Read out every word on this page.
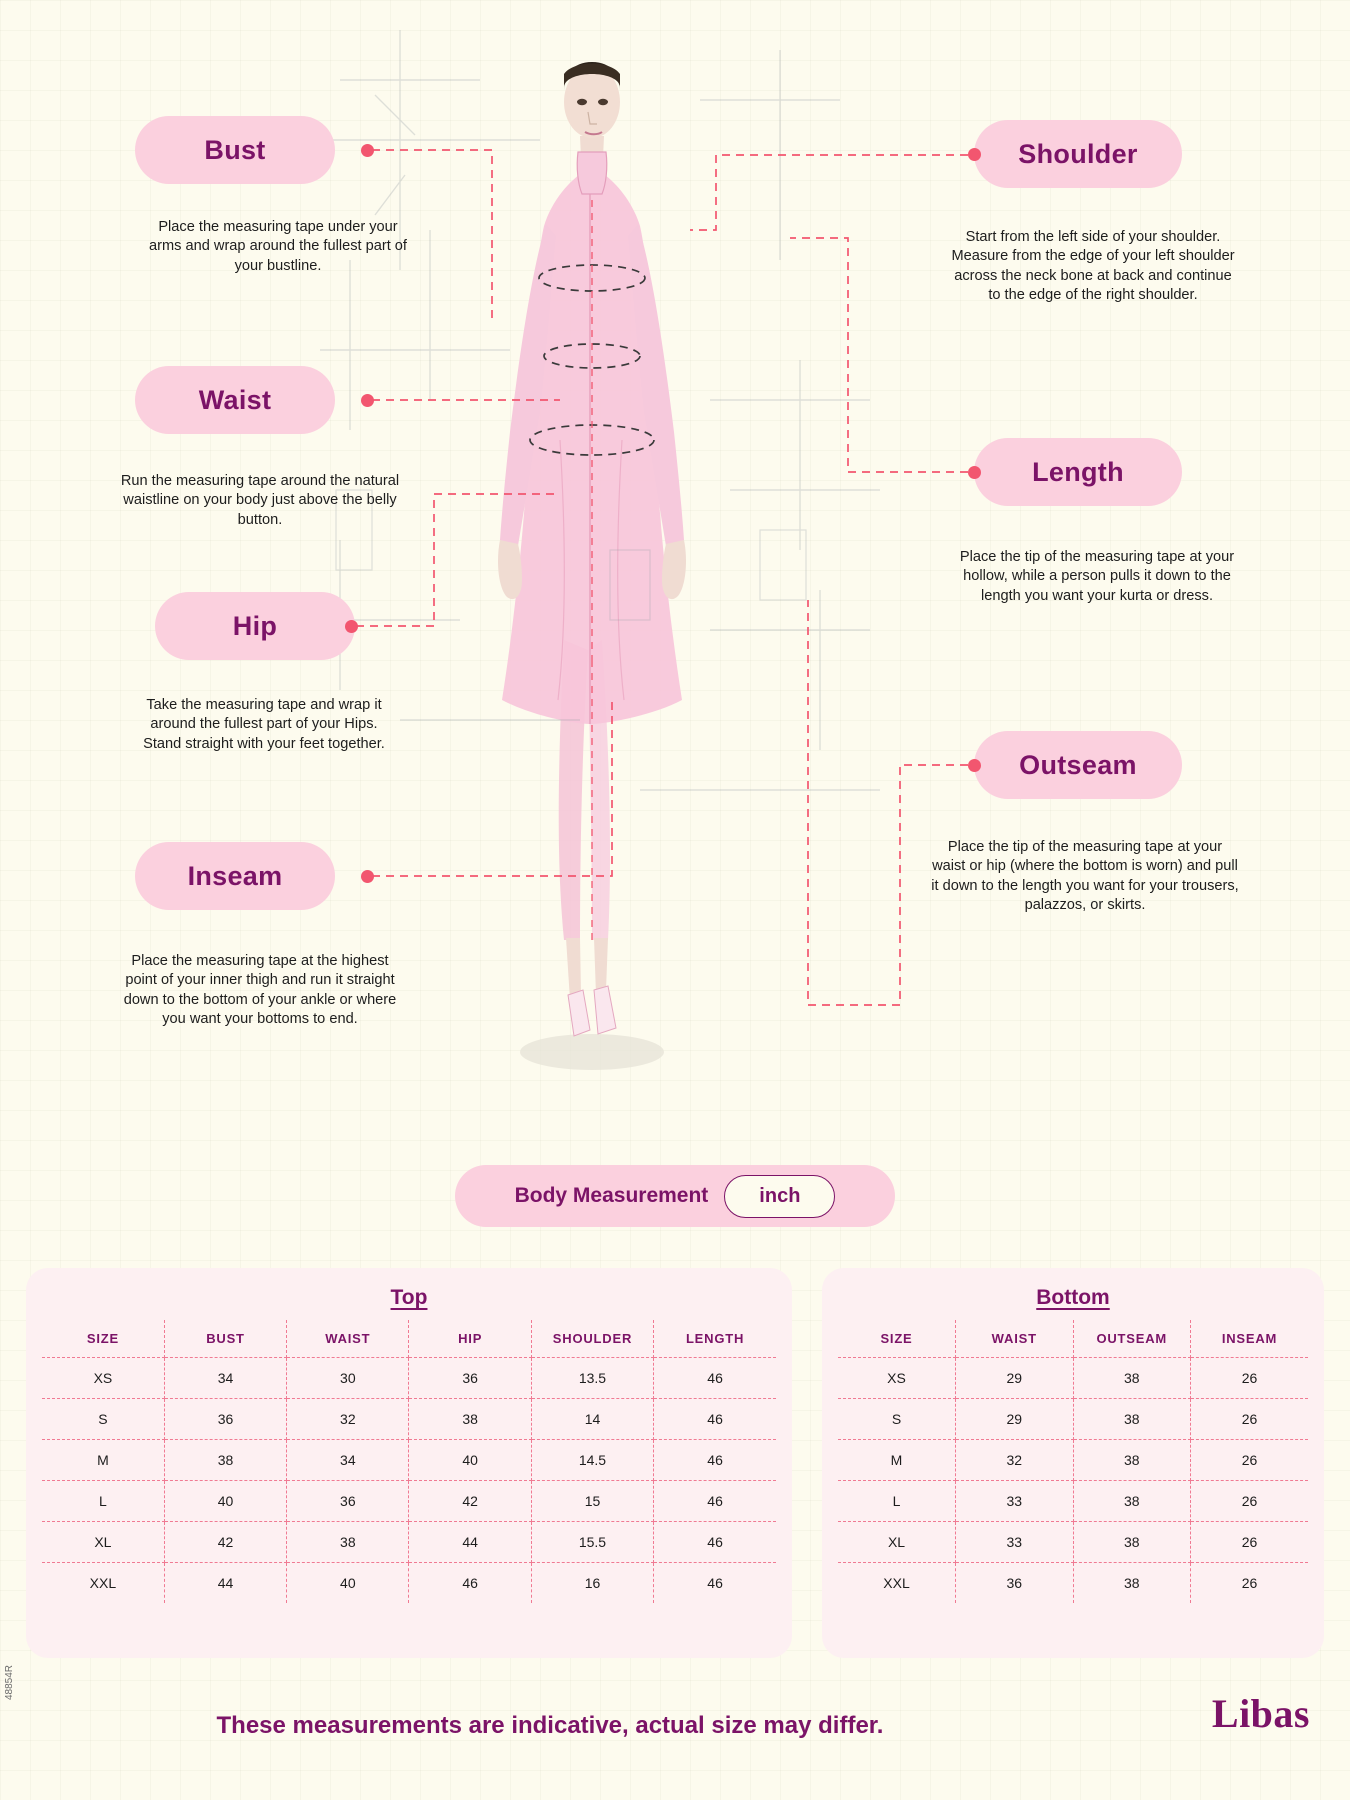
Bust
Place the measuring tape under your arms and wrap around the fullest part of your bustline.
Waist
Run the measuring tape around the natural waistline on your body just above the belly button.
Hip
Take the measuring tape and wrap it around the fullest part of your Hips. Stand straight with your feet together.
Inseam
Place the measuring tape at the highest point of your inner thigh and run it straight down to the bottom of your ankle or where you want your bottoms to end.
Shoulder
Start from the left side of your shoulder. Measure from the edge of your left shoulder across the neck bone at back and continue to the edge of the right shoulder.
Length
Place the tip of the measuring tape at your hollow, while a person pulls it down to the length you want your kurta or dress.
Outseam
Place the tip of the measuring tape at your waist or hip (where the bottom is worn) and pull it down to the length you want for your trousers, palazzos, or skirts.
Body Measurement	inch
Top
SIZE	BUST	WAIST	HIP	SHOULDER	LENGTH
XS	34	30	36	13.5	46
S	36	32	38	14	46
M	38	34	40	14.5	46
L	40	36	42	15	46
XL	42	38	44	15.5	46
XXL	44	40	46	16	46
Bottom
SIZE	WAIST	OUTSEAM	INSEAM
XS	29	38	26
S	29	38	26
M	32	38	26
L	33	38	26
XL	33	38	26
XXL	36	38	26
These measurements are indicative, actual size may differ.	Libas
48854R
